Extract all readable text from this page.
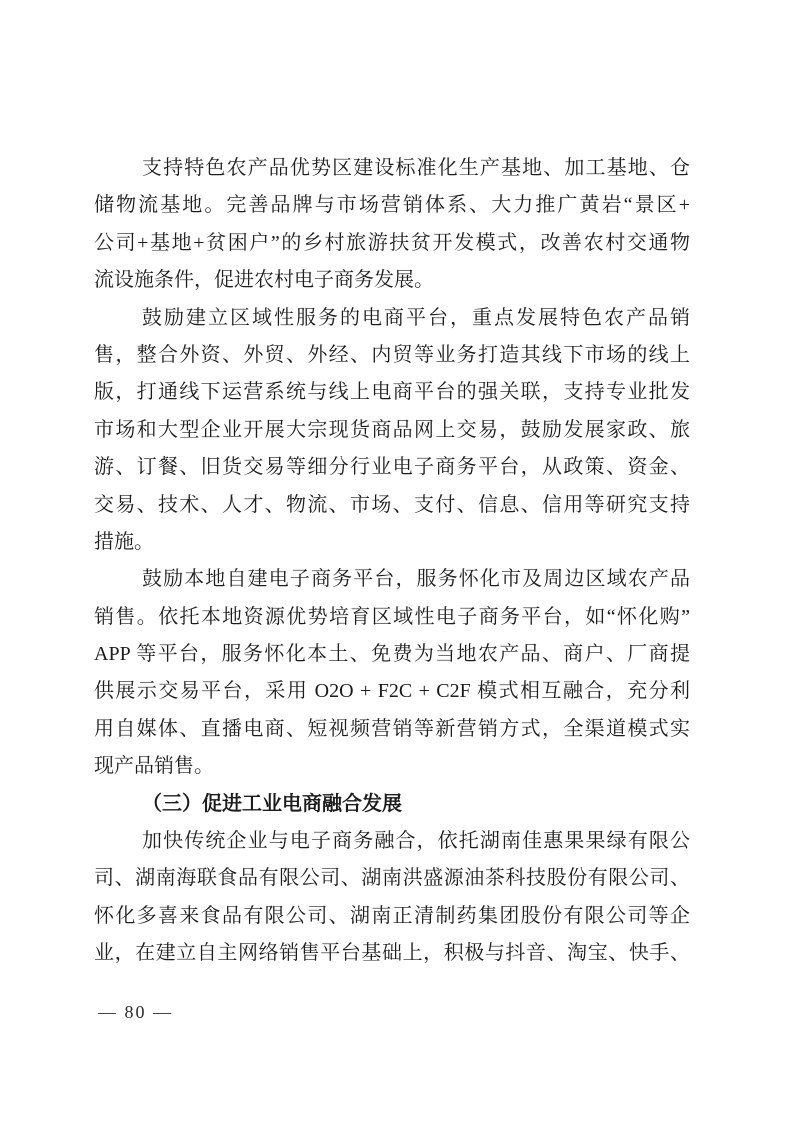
支持特色农产品优势区建设标准化生产基地、加工基地、仓
储物流基地。完善品牌与市场营销体系、大力推广黄岩“景区+
公司+基地+贫困户”的乡村旅游扶贫开发模式，改善农村交通物
流设施条件，促进农村电子商务发展。
鼓励建立区域性服务的电商平台，重点发展特色农产品销
售，整合外资、外贸、外经、内贸等业务打造其线下市场的线上
版，打通线下运营系统与线上电商平台的强关联，支持专业批发
市场和大型企业开展大宗现货商品网上交易，鼓励发展家政、旅
游、订餐、旧货交易等细分行业电子商务平台，从政策、资金、
交易、技术、人才、物流、市场、支付、信息、信用等研究支持
措施。
鼓励本地自建电子商务平台，服务怀化市及周边区域农产品
销售。依托本地资源优势培育区域性电子商务平台，如“怀化购”
APP 等平台，服务怀化本土、免费为当地农产品、商户、厂商提
供展示交易平台，采用 O2O + F2C + C2F 模式相互融合，充分利
用自媒体、直播电商、短视频营销等新营销方式，全渠道模式实
现产品销售。
（三）促进工业电商融合发展
加快传统企业与电子商务融合，依托湖南佳惠果果绿有限公
司、湖南海联食品有限公司、湖南洪盛源油茶科技股份有限公司、
怀化多喜来食品有限公司、湖南正清制药集团股份有限公司等企
业，在建立自主网络销售平台基础上，积极与抖音、淘宝、快手、
— 80 —
